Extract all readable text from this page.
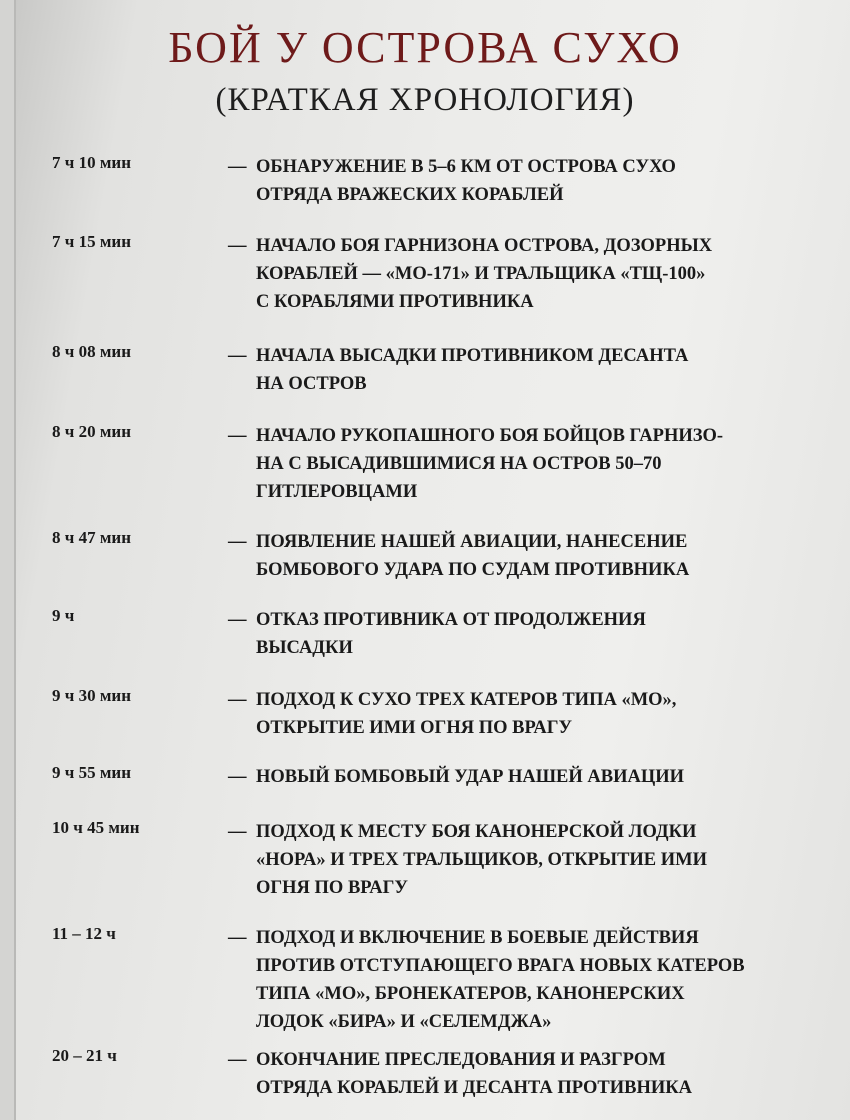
БОЙ У ОСТРОВА СУХО
(КРАТКАЯ ХРОНОЛОГИЯ)
7 ч 10 мин	— ОБНАРУЖЕНИЕ В 5–6 КМ ОТ ОСТРОВА СУХО
ОТРЯДА ВРАЖЕСКИХ КОРАБЛЕЙ
7 ч 15 мин	— НАЧАЛО БОЯ ГАРНИЗОНА ОСТРОВА, ДОЗОРНЫХ
КОРАБЛЕЙ — «МО-171» И ТРАЛЬЩИКА «ТЩ-100»
С КОРАБЛЯМИ ПРОТИВНИКА
8 ч 08 мин	— НАЧАЛА ВЫСАДКИ ПРОТИВНИКОМ ДЕСАНТА
НА ОСТРОВ
8 ч 20 мин	— НАЧАЛО РУКОПАШНОГО БОЯ БОЙЦОВ ГАРНИЗО-
НА С ВЫСАДИВШИМИСЯ НА ОСТРОВ 50–70
ГИТЛЕРОВЦАМИ
8 ч 47 мин	— ПОЯВЛЕНИЕ НАШЕЙ АВИАЦИИ, НАНЕСЕНИЕ
БОМБОВОГО УДАРА ПО СУДАМ ПРОТИВНИКА
9 ч	— ОТКАЗ ПРОТИВНИКА ОТ ПРОДОЛЖЕНИЯ
ВЫСАДКИ
9 ч 30 мин	— ПОДХОД К СУХО ТРЕХ КАТЕРОВ ТИПА «МО»,
ОТКРЫТИЕ ИМИ ОГНЯ ПО ВРАГУ
9 ч 55 мин	— НОВЫЙ БОМБОВЫЙ УДАР НАШЕЙ АВИАЦИИ
10 ч 45 мин	— ПОДХОД К МЕСТУ БОЯ КАНОНЕРСКОЙ ЛОДКИ
«НОРА» И ТРЕХ ТРАЛЬЩИКОВ, ОТКРЫТИЕ ИМИ
ОГНЯ ПО ВРАГУ
11 – 12 ч	— ПОДХОД И ВКЛЮЧЕНИЕ В БОЕВЫЕ ДЕЙСТВИЯ
ПРОТИВ ОТСТУПАЮЩЕГО ВРАГА НОВЫХ КАТЕРОВ
ТИПА «МО», БРОНЕКАТЕРОВ, КАНОНЕРСКИХ
ЛОДОК «БИРА» И «СЕЛЕМДЖА»
20 – 21 ч	— ОКОНЧАНИЕ ПРЕСЛЕДОВАНИЯ И РАЗГРОМ
ОТРЯДА КОРАБЛЕЙ И ДЕСАНТА ПРОТИВНИКА
